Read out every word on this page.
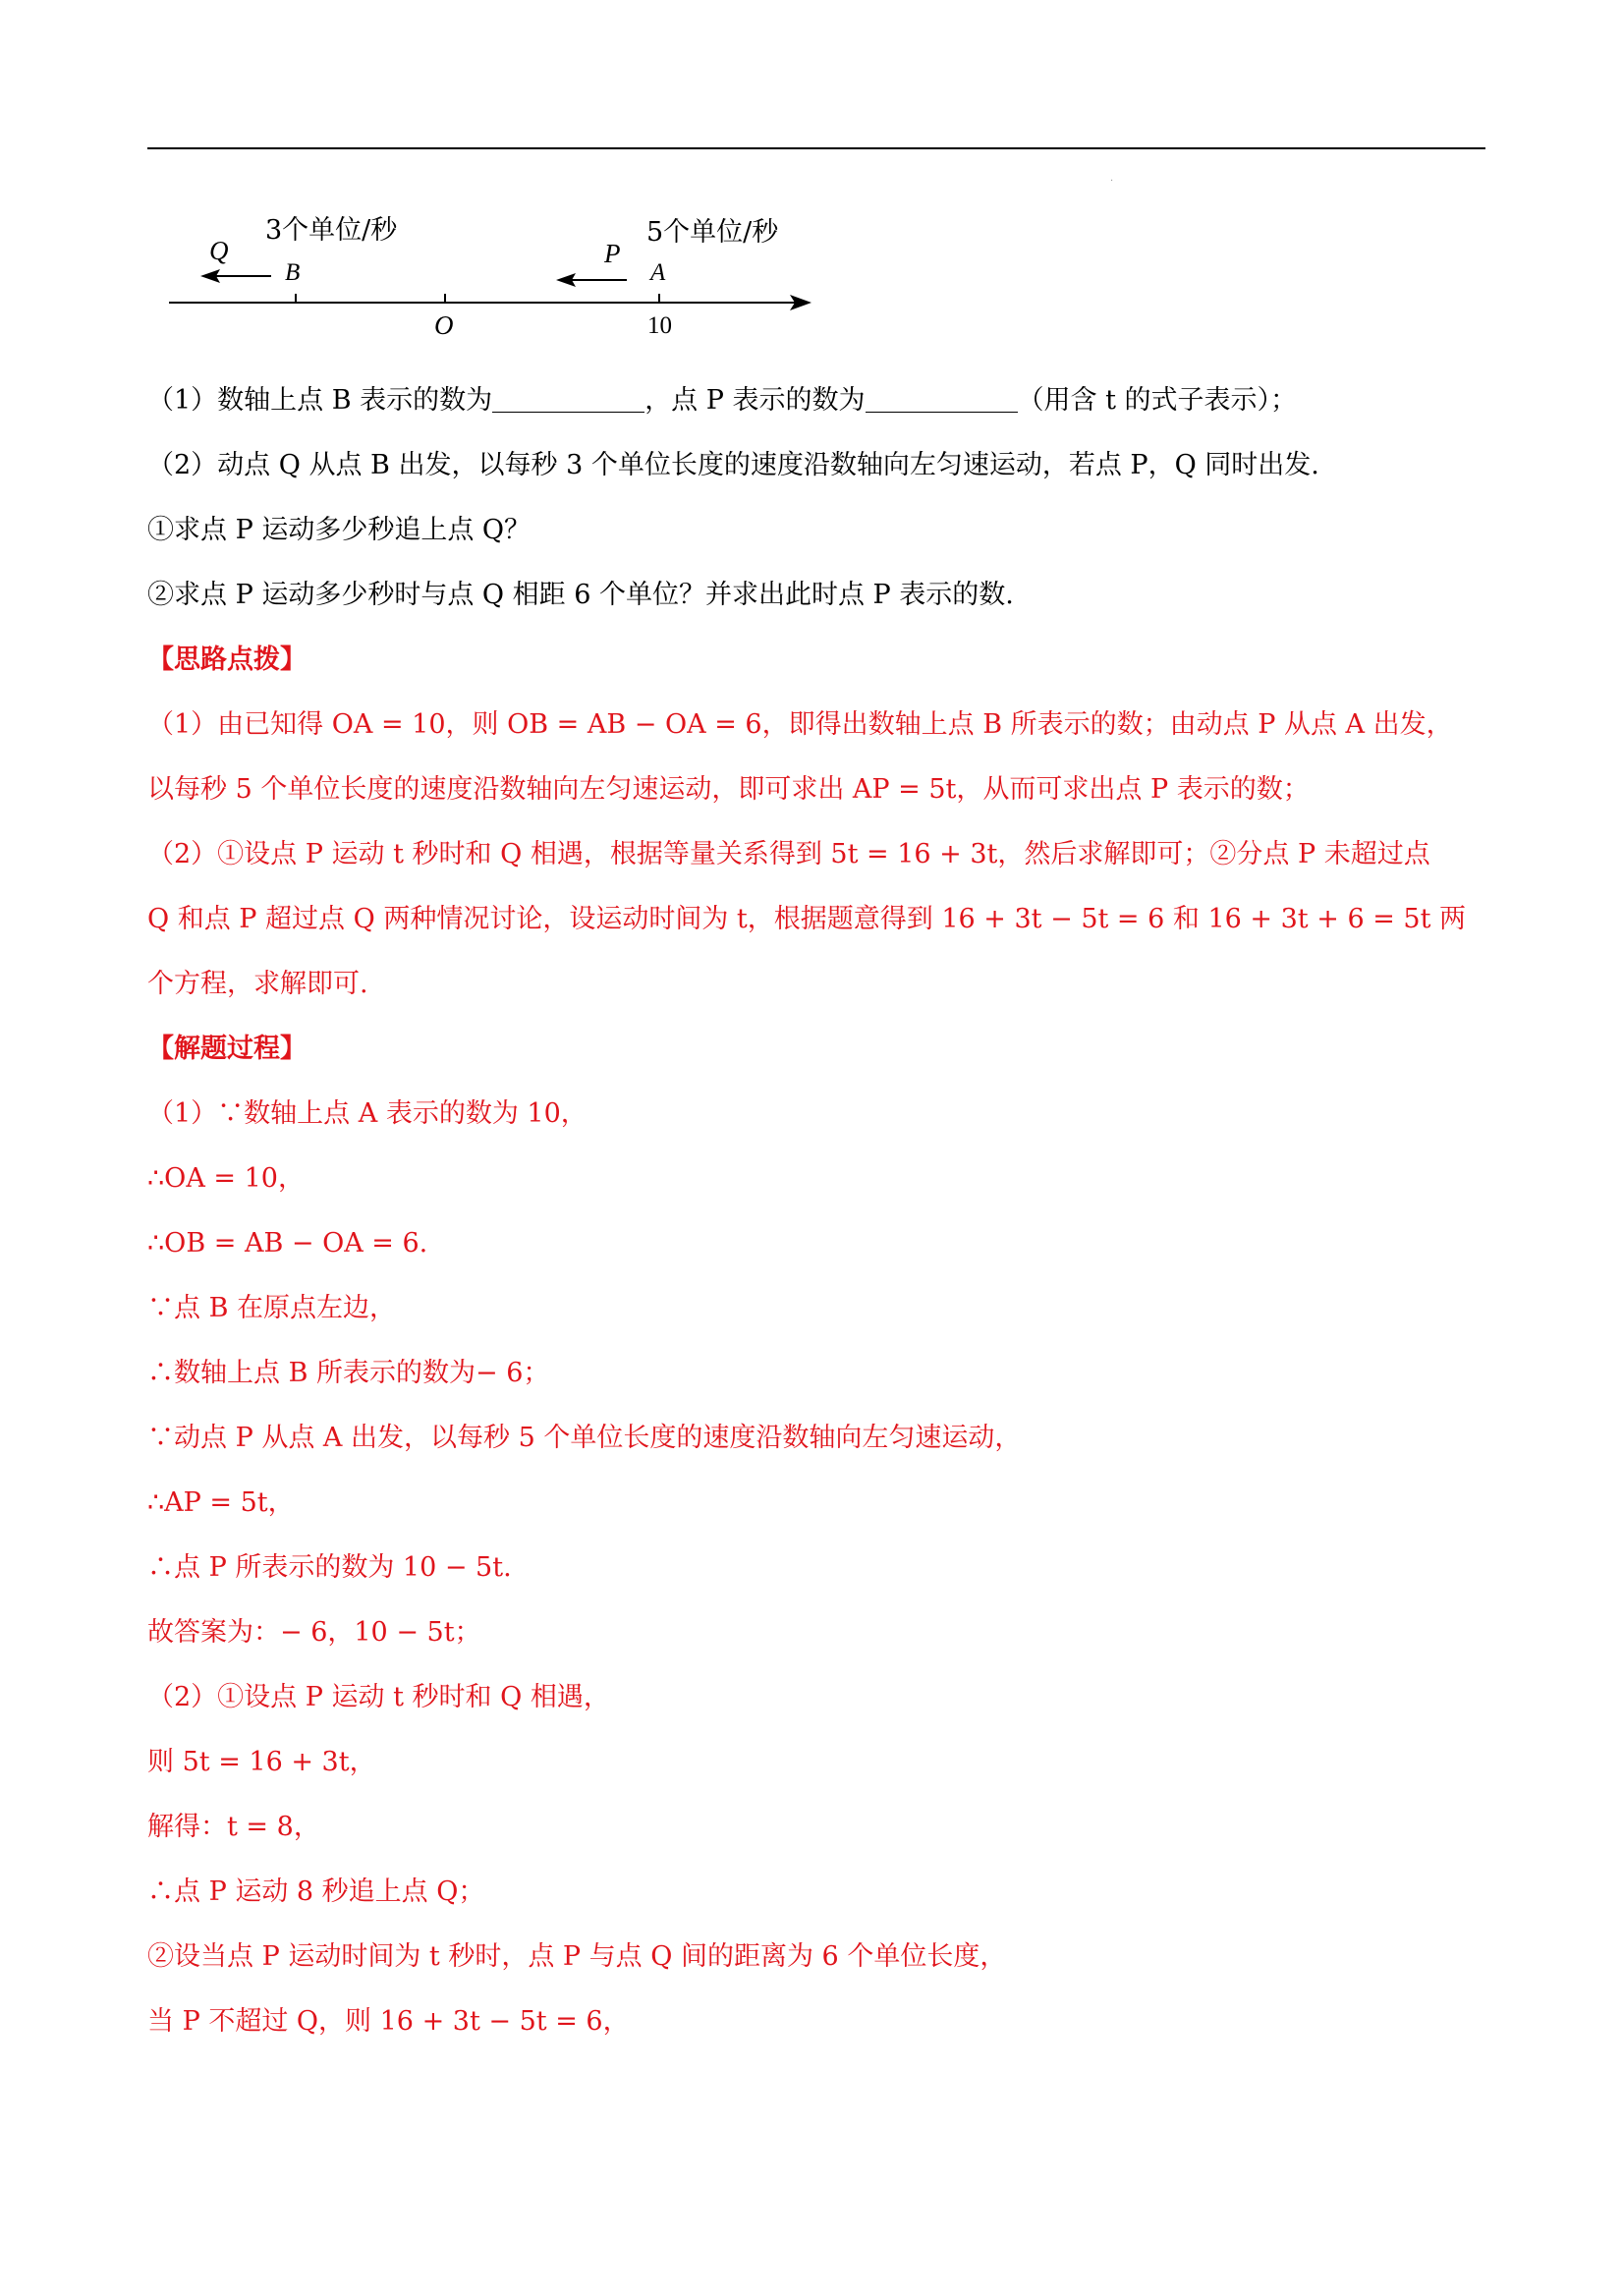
.
Q
B
3个单位/秒
O
P
A
10
5个单位/秒
（1）数轴上点 B 表示的数为	，点 P 表示的数为	（用含 t 的式子表示）；
（2）动点 Q 从点 B 出发，以每秒 3 个单位长度的速度沿数轴向左匀速运动，若点 P，Q 同时出发.
①求点 P 运动多少秒追上点 Q？
②求点 P 运动多少秒时与点 Q 相距 6 个单位？并求出此时点 P 表示的数.
【思路点拨】
（1）由已知得 OA = 10，则 OB = AB − OA = 6，即得出数轴上点 B 所表示的数；由动点 P 从点 A 出发，
以每秒 5 个单位长度的速度沿数轴向左匀速运动，即可求出 AP = 5t，从而可求出点 P 表示的数；
（2）①设点 P 运动 t 秒时和 Q 相遇，根据等量关系得到 5t = 16 + 3t，然后求解即可；②分点 P 未超过点
Q 和点 P 超过点 Q 两种情况讨论，设运动时间为 t，根据题意得到 16 + 3t − 5t = 6 和 16 + 3t + 6 = 5t 两
个方程，求解即可.
【解题过程】
（1）∵数轴上点 A 表示的数为 10，
∴OA = 10，
∴OB = AB − OA = 6.
∵点 B 在原点左边，
∴数轴上点 B 所表示的数为− 6；
∵动点 P 从点 A 出发，以每秒 5 个单位长度的速度沿数轴向左匀速运动，
∴AP = 5t，
∴点 P 所表示的数为 10 − 5t.
故答案为：− 6，10 − 5t；
（2）①设点 P 运动 t 秒时和 Q 相遇，
则 5t = 16 + 3t，
解得：t = 8，
∴点 P 运动 8 秒追上点 Q；
②设当点 P 运动时间为 t 秒时，点 P 与点 Q 间的距离为 6 个单位长度，
当 P 不超过 Q，则 16 + 3t − 5t = 6，
